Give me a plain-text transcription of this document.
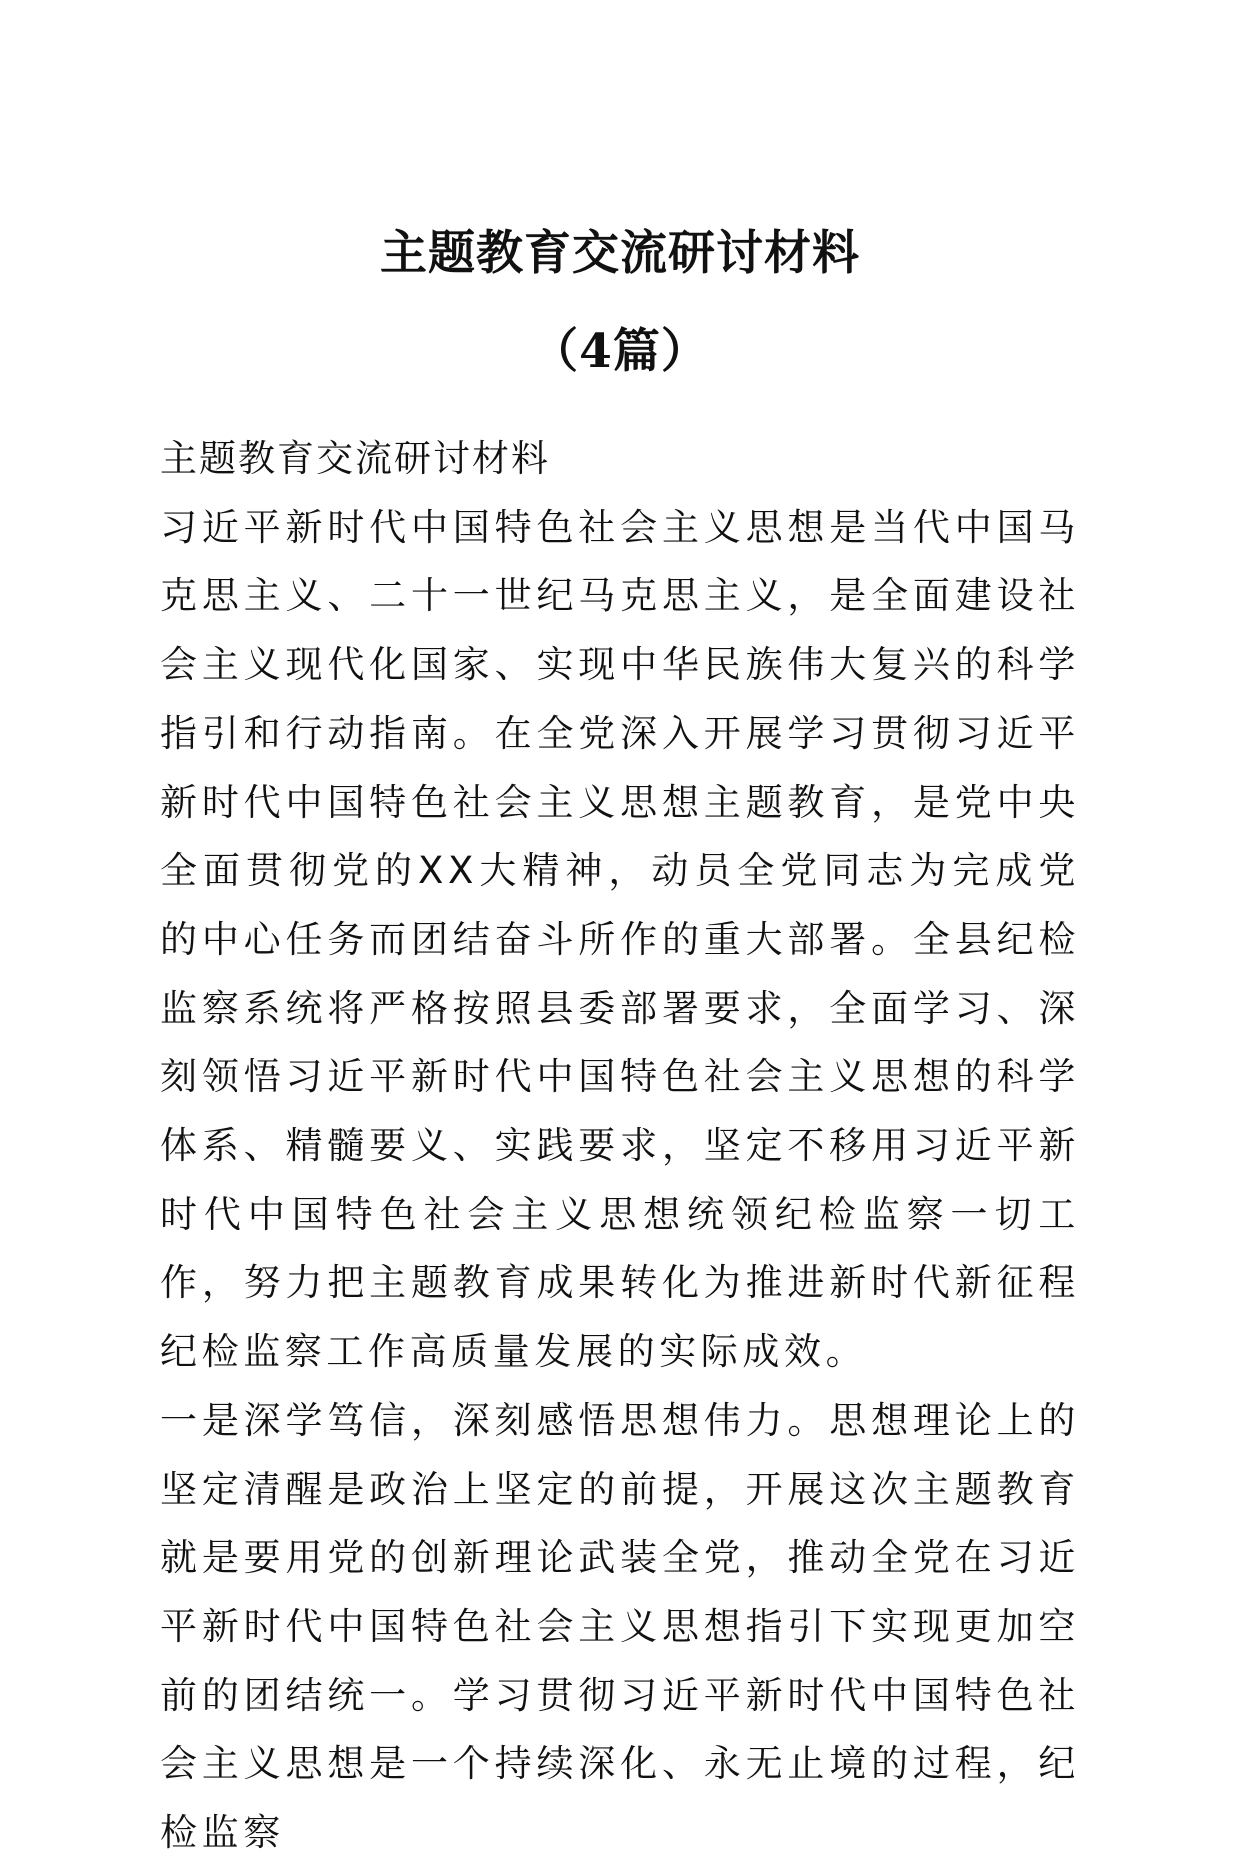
主题教育交流研讨材料
（4篇）

主题教育交流研讨材料

习近平新时代中国特色社会主义思想是当代中国马克思主义、二十一世纪马克思主义，是全面建设社会主义现代化国家、实现中华民族伟大复兴的科学指引和行动指南。在全党深入开展学习贯彻习近平新时代中国特色社会主义思想主题教育，是党中央全面贯彻党的XX大精神，动员全党同志为完成党的中心任务而团结奋斗所作的重大部署。全县纪检监察系统将严格按照县委部署要求，全面学习、深刻领悟习近平新时代中国特色社会主义思想的科学体系、精髓要义、实践要求，坚定不移用习近平新时代中国特色社会主义思想统领纪检监察一切工作，努力把主题教育成果转化为推进新时代新征程纪检监察工作高质量发展的实际成效。

一是深学笃信，深刻感悟思想伟力。思想理论上的坚定清醒是政治上坚定的前提，开展这次主题教育就是要用党的创新理论武装全党，推动全党在习近平新时代中国特色社会主义思想指引下实现更加空前的团结统一。学习贯彻习近平新时代中国特色社会主义思想是一个持续深化、永无止境的过程，纪检监察
